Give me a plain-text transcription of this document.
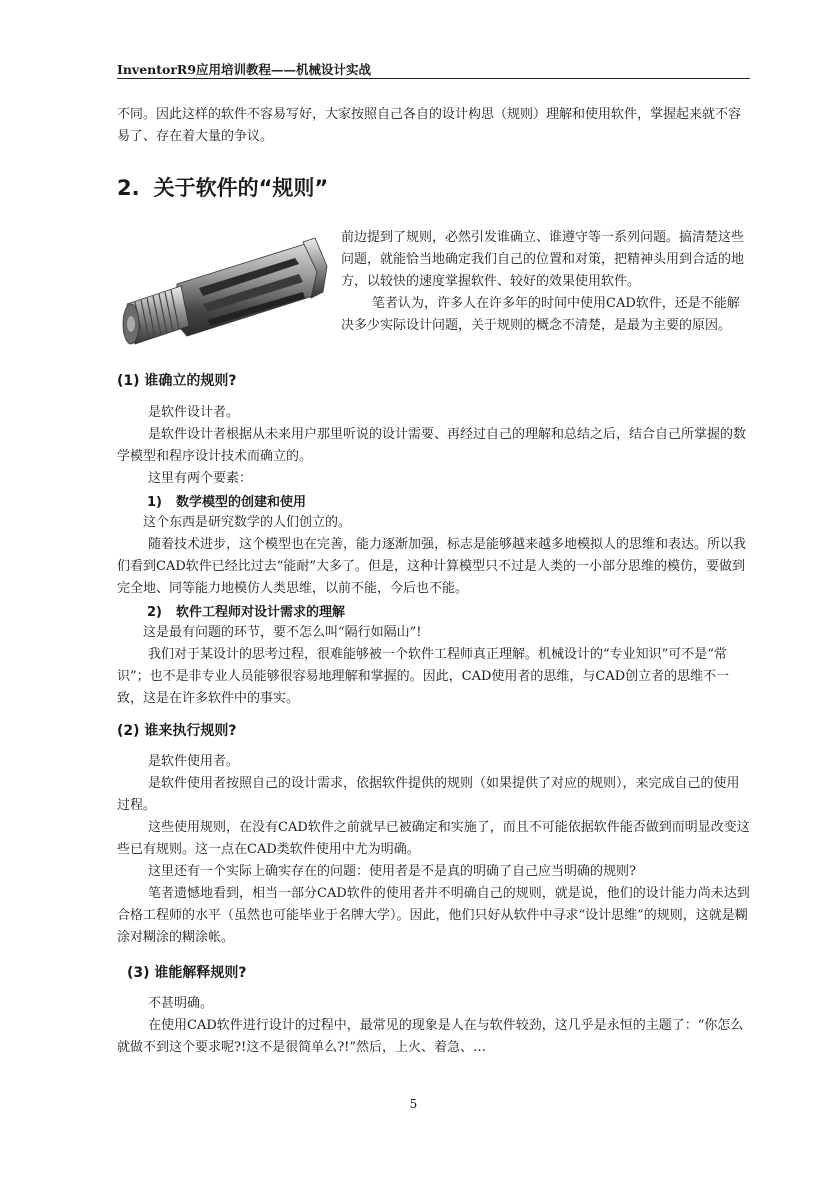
InventorR9应用培训教程——机械设计实战

不同。因此这样的软件不容易写好，大家按照自己各自的设计构思（规则）理解和使用软件，掌握起来就不容易了、存在着大量的争议。

2. 关于软件的“规则”

前边提到了规则，必然引发谁确立、谁遵守等一系列问题。搞清楚这些问题，就能恰当地确定我们自己的位置和对策，把精神头用到合适的地方，以较快的速度掌握软件、较好的效果使用软件。

笔者认为，许多人在许多年的时间中使用CAD软件，还是不能解决多少实际设计问题，关于规则的概念不清楚，是最为主要的原因。

(1) 谁确立的规则?

是软件设计者。

是软件设计者根据从未来用户那里听说的设计需要、再经过自己的理解和总结之后，结合自己所掌握的数学模型和程序设计技术而确立的。

这里有两个要素：

1) 数学模型的创建和使用

这个东西是研究数学的人们创立的。

随着技术进步，这个模型也在完善，能力逐渐加强，标志是能够越来越多地模拟人的思维和表达。所以我们看到CAD软件已经比过去“能耐”大多了。但是，这种计算模型只不过是人类的一小部分思维的模仿，要做到完全地、同等能力地模仿人类思维，以前不能，今后也不能。

2) 软件工程师对设计需求的理解

这是最有问题的环节，要不怎么叫“隔行如隔山”!

我们对于某设计的思考过程，很难能够被一个软件工程师真正理解。机械设计的“专业知识”可不是“常识”；也不是非专业人员能够很容易地理解和掌握的。因此，CAD使用者的思维，与CAD创立者的思维不一致，这是在许多软件中的事实。

(2) 谁来执行规则?

是软件使用者。

是软件使用者按照自己的设计需求，依据软件提供的规则（如果提供了对应的规则），来完成自己的使用过程。

这些使用规则，在没有CAD软件之前就早已被确定和实施了，而且不可能依据软件能否做到而明显改变这些已有规则。这一点在CAD类软件使用中尤为明确。

这里还有一个实际上确实存在的问题：使用者是不是真的明确了自己应当明确的规则?

笔者遗憾地看到，相当一部分CAD软件的使用者并不明确自己的规则，就是说，他们的设计能力尚未达到合格工程师的水平（虽然也可能毕业于名牌大学）。因此，他们只好从软件中寻求“设计思维”的规则，这就是糊涂对糊涂的糊涂帐。

(3) 谁能解释规则?

不甚明确。

在使用CAD软件进行设计的过程中，最常见的现象是人在与软件较劲，这几乎是永恒的主题了：“你怎么就做不到这个要求呢?!这不是很简单么?!”然后，上火、着急、…

5
